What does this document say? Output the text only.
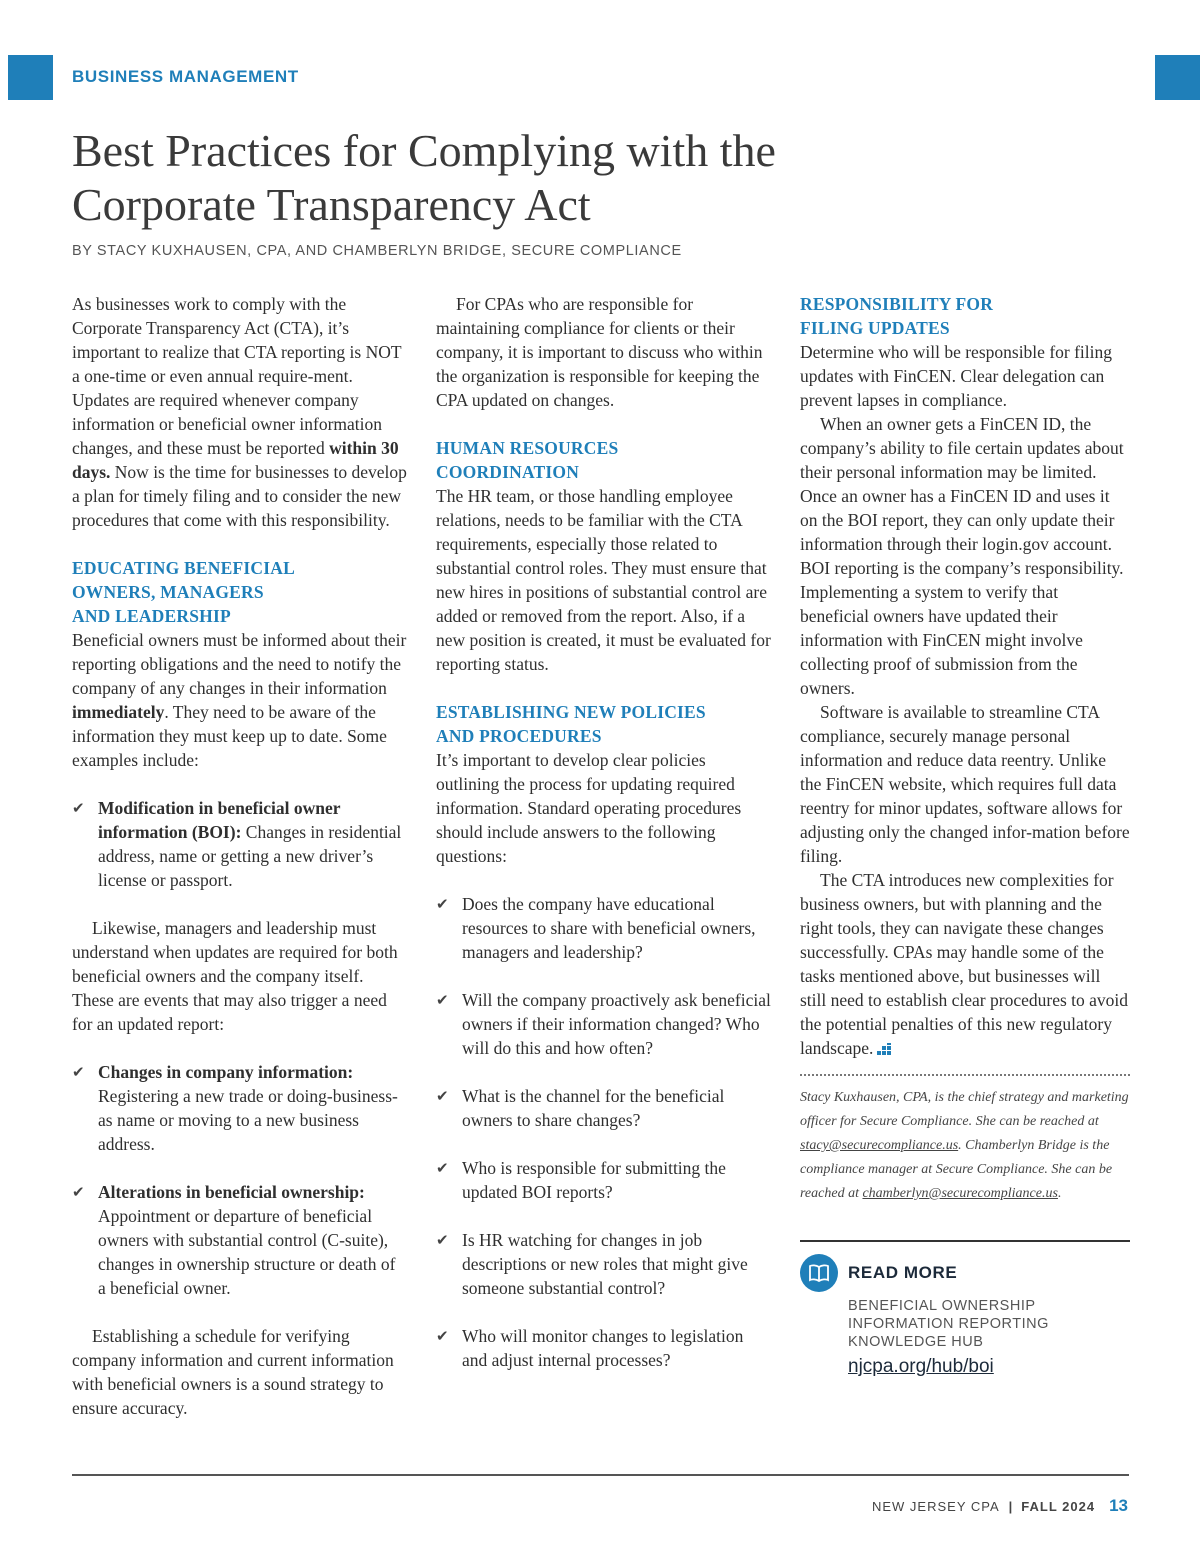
BUSINESS MANAGEMENT
Best Practices for Complying with the
Corporate Transparency Act
BY STACY KUXHAUSEN, CPA, AND CHAMBERLYN BRIDGE, SECURE COMPLIANCE

As businesses work to comply with the Corporate Transparency Act (CTA), it’s important to realize that CTA reporting is NOT a one-time or even annual require-ment. Updates are required whenever company information or beneficial owner information changes, and these must be reported within 30 days. Now is the time for businesses to develop a plan for timely filing and to consider the new procedures that come with this responsibility.

EDUCATING BENEFICIAL
OWNERS, MANAGERS
AND LEADERSHIP

Beneficial owners must be informed about their reporting obligations and the need to notify the company of any changes in their information immediately. They need to be aware of the information they must keep up to date. Some examples include:

✔ Modification in beneficial owner information (BOI): Changes in residential address, name or getting a new driver’s license or passport.

Likewise, managers and leadership must understand when updates are required for both beneficial owners and the company itself. These are events that may also trigger a need for an updated report:

✔ Changes in company information:
Registering a new trade or doing-business-as name or moving to a new business address.
✔ Alterations in beneficial ownership:
Appointment or departure of beneficial owners with substantial control (C-suite), changes in ownership structure or death of a beneficial owner.

Establishing a schedule for verifying company information and current information with beneficial owners is a sound strategy to ensure accuracy.

For CPAs who are responsible for maintaining compliance for clients or their company, it is important to discuss who within the organization is responsible for keeping the CPA updated on changes.

HUMAN RESOURCES
COORDINATION

The HR team, or those handling employee relations, needs to be familiar with the CTA requirements, especially those related to substantial control roles. They must ensure that new hires in positions of substantial control are added or removed from the report. Also, if a new position is created, it must be evaluated for reporting status.

ESTABLISHING NEW POLICIES
AND PROCEDURES

It’s important to develop clear policies outlining the process for updating required information. Standard operating procedures should include answers to the following questions:

✔ Does the company have educational resources to share with beneficial owners, managers and leadership?
✔ Will the company proactively ask beneficial owners if their information changed? Who will do this and how often?
✔ What is the channel for the beneficial owners to share changes?
✔ Who is responsible for submitting the updated BOI reports?
✔ Is HR watching for changes in job descriptions or new roles that might give someone substantial control?
✔ Who will monitor changes to legislation and adjust internal processes?
RESPONSIBILITY FOR
FILING UPDATES

Determine who will be responsible for filing updates with FinCEN. Clear delegation can prevent lapses in compliance.

When an owner gets a FinCEN ID, the company’s ability to file certain updates about their personal information may be limited. Once an owner has a FinCEN ID and uses it on the BOI report, they can only update their information through their login.gov account. BOI reporting is the company’s responsibility. Implementing a system to verify that beneficial owners have updated their information with FinCEN might involve collecting proof of submission from the owners.

Software is available to streamline CTA compliance, securely manage personal information and reduce data reentry. Unlike the FinCEN website, which requires full data reentry for minor updates, software allows for adjusting only the changed infor-mation before filing.

The CTA introduces new complexities for business owners, but with planning and the right tools, they can navigate these changes successfully. CPAs may handle some of the tasks mentioned above, but businesses will still need to establish clear procedures to avoid the potential penalties of this new regulatory landscape.

Stacy Kuxhausen, CPA, is the chief strategy and marketing officer for Secure Compliance. She can be reached at stacy@securecompliance.us. Chamberlyn Bridge is the compliance manager at Secure Compliance. She can be reached at chamberlyn@securecompliance.us.

READ MORE
BENEFICIAL OWNERSHIP
INFORMATION REPORTING
KNOWLEDGE HUB
njcpa.org/hub/boi
NEW JERSEY CPA | FALL 2024 13
